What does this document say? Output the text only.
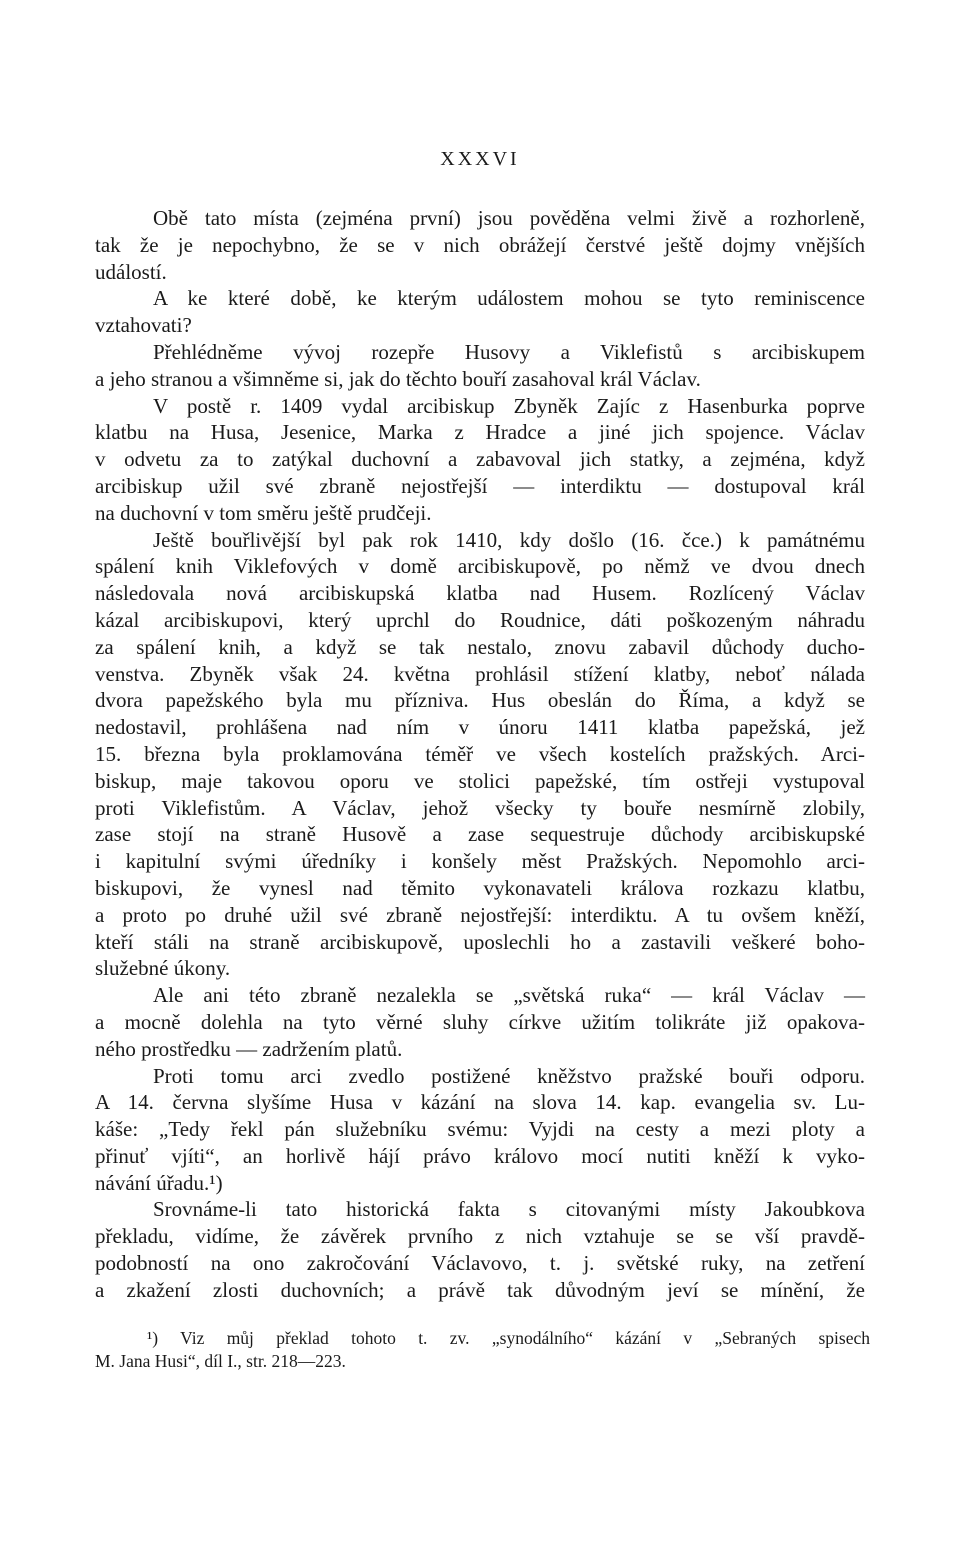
XXXVI
Obě tato místa (zejména první) jsou pověděna velmi živě a rozhorleně,
tak že je nepochybno, že se v nich obrážejí čerstvé ještě dojmy vnějších
událostí.
A ke které době, ke kterým událostem mohou se tyto reminiscence
vztahovati?
Přehlédněme vývoj rozepře Husovy a Viklefistů s arcibiskupem
a jeho stranou a všimněme si, jak do těchto bouří zasahoval král Václav.
V postě r. 1409 vydal arcibiskup Zbyněk Zajíc z Hasenburka poprve
klatbu na Husa, Jesenice, Marka z Hradce a jiné jich spojence. Václav
v odvetu za to zatýkal duchovní a zabavoval jich statky, a zejména, když
arcibiskup užil své zbraně nejostřejší — interdiktu — dostupoval král
na duchovní v tom směru ještě prudčeji.
Ještě bouřlivější byl pak rok 1410, kdy došlo (16. čce.) k památnému
spálení knih Viklefových v domě arcibiskupově, po němž ve dvou dnech
následovala nová arcibiskupská klatba nad Husem. Rozlícený Václav
kázal arcibiskupovi, který uprchl do Roudnice, dáti poškozeným náhradu
za spálení knih, a když se tak nestalo, znovu zabavil důchody ducho-
venstva. Zbyněk však 24. května prohlásil stížení klatby, neboť nálada
dvora papežského byla mu příznivа. Hus obeslán do Říma, a když se
nedostavil, prohlášena nad ním v únoru 1411 klatba papežská, jež
15. března byla proklamována téměř ve všech kostelích pražských. Arci-
biskup, maje takovou oporu ve stolici papežské, tím ostřeji vystupoval
proti Viklefistům. A Václav, jehož všecky ty bouře nesmírně zlobily,
zase stojí na straně Husově a zase sequestruje důchody arcibiskupské
i kapitulní svými úředníky i konšely měst Pražských. Nepomohlo arci-
biskupovi, že vynesl nad těmito vykonavateli králova rozkazu klatbu,
a proto po druhé užil své zbraně nejostřejší: interdiktu. A tu ovšem kněží,
kteří stáli na straně arcibiskupově, uposlechli ho a zastavili veškeré boho-
služebné úkony.
Ale ani této zbraně nezalekla se „světská ruka“ — král Václav —
a mocně dolehla na tyto věrné sluhy církve užitím tolikráte již opakova-
ného prostředku — zadržením platů.
Proti tomu arci zvedlo postižené kněžstvo pražské bouři odporu.
A 14. června slyšíme Husa v kázání na slova 14. kap. evangelia sv. Lu-
káše: „Tedy řekl pán služebníku svému: Vyjdi na cesty a mezi ploty a
přinuť vjíti“, an horlivě hájí právo královo mocí nutiti kněží k vyko-
návání úřadu.¹)
Srovnáme-li tato historická fakta s citovanými místy Jakoubkova
překladu, vidíme, že závěrek prvního z nich vztahuje se se vší pravdě-
podobností na ono zakročování Václavovo, t. j. světské ruky, na zetření
a zkažení zlosti duchovních; a právě tak důvodným jeví se mínění, že
¹) Viz můj překlad tohoto t. zv. „synodálního“ kázání v „Sebraných spisech
M. Jana Husi“, díl I., str. 218—223.
